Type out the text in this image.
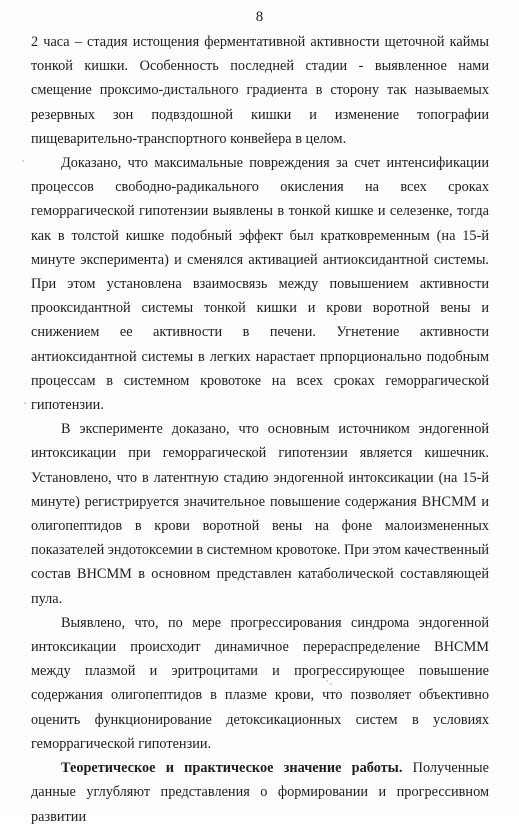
8

2 часа – стадия истощения ферментативной активности щеточной каймы тонкой кишки. Особенность последней стадии - выявленное нами смещение проксимо-дистального градиента в сторону так называемых резервных зон подвздошной кишки и изменение топографии пищеварительно-транспортного конвейера в целом.

Доказано, что максимальные повреждения за счет интенсификации процессов свободно-радикального окисления на всех сроках геморрагической гипотензии выявлены в тонкой кишке и селезенке, тогда как в толстой кишке подобный эффект был кратковременным (на 15-й минуте эксперимента) и сменялся активацией антиоксидантной системы. При этом установлена взаимосвязь между повышением активности прооксидантной системы тонкой кишки и крови воротной вены и снижением ее активности в печени. Угнетение активности антиоксидантной системы в легких нарастает прпорционально подобным процессам в системном кровотоке на всех сроках геморрагической гипотензии.

В эксперименте доказано, что основным источником эндогенной интоксикации при геморрагической гипотензии является кишечник. Установлено, что в латентную стадию эндогенной интоксикации (на 15-й минуте) регистрируется значительное повышение содержания ВНСММ и олигопептидов в крови воротной вены на фоне малоизмененных показателей эндотоксемии в системном кровотоке. При этом качественный состав ВНСММ в основном представлен катаболической составляющей пула.

Выявлено, что, по мере прогрессирования синдрома эндогенной интоксикации происходит динамичное перераспределение ВНСММ между плазмой и эритроцитами и прогрессирующее повышение содержания олигопептидов в плазме крови, что позволяет объективно оценить функционирование детоксикационных систем в условиях геморрагической гипотензии.

Теоретическое и практическое значение работы. Полученные данные углубляют представления о формировании и прогрессивном развитии
